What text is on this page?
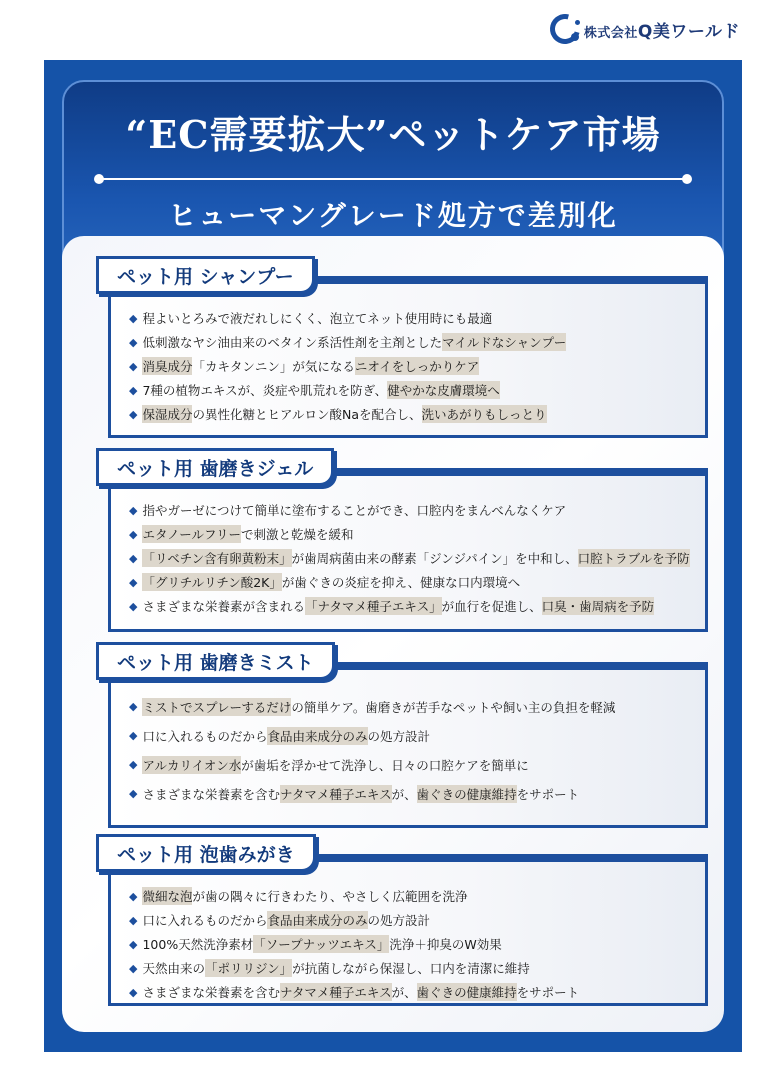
株式会社Q美ワールド
“EC需要拡大”ペットケア市場
ヒューマングレード処方で差別化
ペット用 シャンプー
◆ 程よいとろみで液だれしにくく、泡立てネット使用時にも最適
◆ 低刺激なヤシ油由来のベタイン系活性剤を主剤とした マイルドなシャンプー
◆ 消臭成分 「カキタンニン」が気になる ニオイをしっかりケア
◆ 7種の植物エキスが、炎症や肌荒れを防ぎ、 健やかな皮膚環境へ
◆ 保湿成分 の異性化糖とヒアルロン酸Naを配合し、 洗いあがりもしっとり
ペット用 歯磨きジェル
◆ 指やガーゼにつけて簡単に塗布することができ、口腔内をまんべんなくケア
◆ エタノールフリー で刺激と乾燥を緩和
◆ 「リベチン含有卵黄粉末」 が歯周病菌由来の酵素「ジンジパイン」を中和し、 口腔トラブルを予防
◆ 「グリチルリチン酸2K」 が歯ぐきの炎症を抑え、健康な口内環境へ
◆ さまざまな栄養素が含まれる 「ナタマメ種子エキス」 が血行を促進し、 口臭・歯周病を予防
ペット用 歯磨きミスト
◆ ミストでスプレーするだけ の簡単ケア。歯磨きが苦手なペットや飼い主の負担を軽減
◆ 口に入れるものだから 食品由来成分のみ の処方設計
◆ アルカリイオン水 が歯垢を浮かせて洗浄し、日々の口腔ケアを簡単に
◆ さまざまな栄養素を含む ナタマメ種子エキス が、 歯ぐきの健康維持 をサポート
ペット用 泡歯みがき
◆ 微細な泡 が歯の隅々に行きわたり、やさしく広範囲を洗浄
◆ 口に入れるものだから 食品由来成分のみ の処方設計
◆ 100%天然洗浄素材 「ソープナッツエキス」 洗浄＋抑臭のW効果
◆ 天然由来の 「ポリリジン」 が抗菌しながら保湿し、口内を清潔に維持
◆ さまざまな栄養素を含む ナタマメ種子エキス が、 歯ぐきの健康維持 をサポート
